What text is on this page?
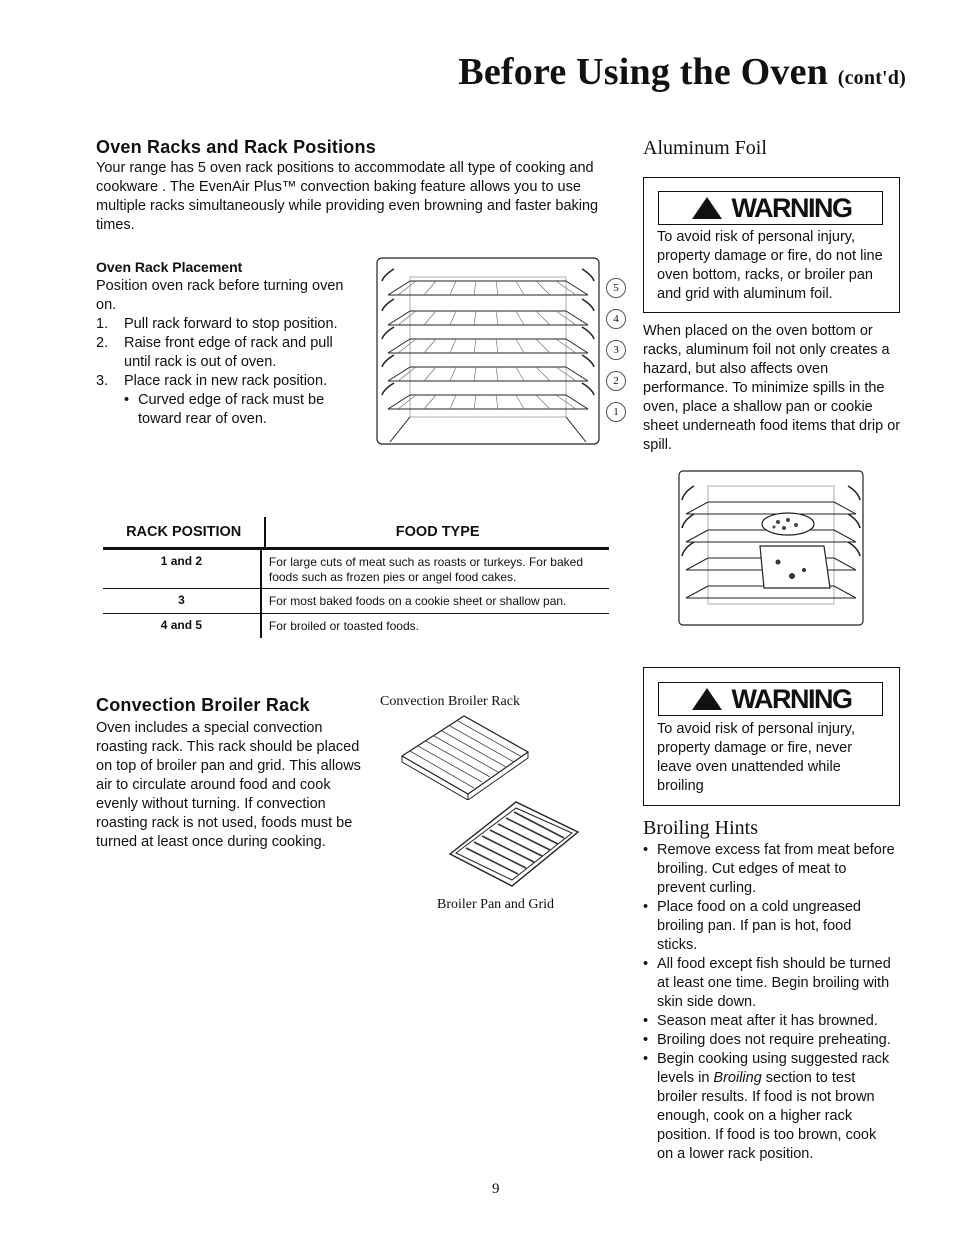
Before Using the Oven (cont'd)
Oven Racks and Rack Positions
Your range has 5 oven rack positions to accommodate all type of cooking and cookware . The EvenAir Plus™ convection baking feature allows you to use multiple racks simultaneously while providing even browning and faster baking times.
Oven Rack Placement
Position oven rack before turning oven on.
1. Pull rack forward to stop position.
2. Raise front edge of rack and pull until rack is out of oven.
3. Place rack in new rack position.
• Curved edge of rack must be toward rear of oven.
5
4
3
2
1
RACK POSITION	FOOD TYPE
1 and 2	For large cuts of meat such as roasts or turkeys. For baked foods such as frozen pies or angel food cakes.
3	For most baked foods on a cookie sheet or shallow pan.
4 and 5	For broiled or toasted foods.
Convection Broiler Rack
Oven includes a special convection roasting rack. This rack should be placed on top of broiler pan and grid. This allows air to circulate around food and cook evenly without turning. If convection roasting rack is not used, foods must be turned at least once during cooking.
Convection Broiler Rack
Broiler Pan and Grid
Aluminum Foil
WARNING
To avoid risk of personal injury, property damage or fire, do not line oven bottom, racks, or broiler pan and grid with aluminum foil.
When placed on the oven bottom or racks, aluminum foil not only creates a hazard, but also affects oven performance. To minimize spills in the oven, place a shallow pan or cookie sheet underneath food items that drip or spill.
WARNING
To avoid risk of personal injury, property damage or fire, never leave oven unattended while broiling
Broiling Hints
• Remove excess fat from meat before broiling. Cut edges of meat to prevent curling.
• Place food on a cold ungreased broiling pan. If pan is hot, food sticks.
• All food except fish should be turned at least one time. Begin broiling with skin side down.
• Season meat after it has browned.
• Broiling does not require preheating.
• Begin cooking using suggested rack levels in Broiling section to test broiler results. If food is not brown enough, cook on a higher rack position. If food is too brown, cook on a lower rack position.
9
